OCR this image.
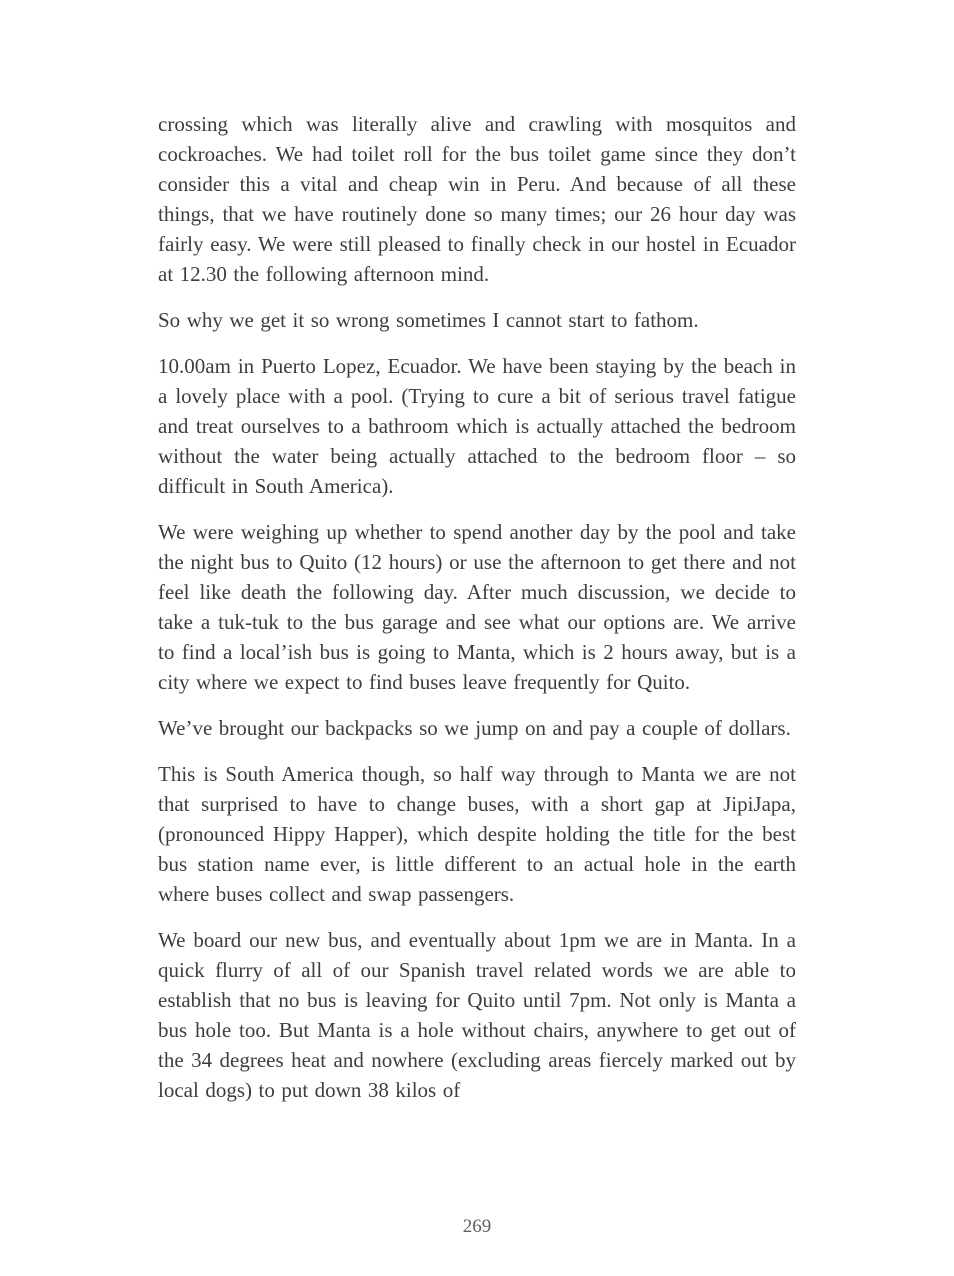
crossing which was literally alive and crawling with mosquitos and cockroaches. We had toilet roll for the bus toilet game since they don’t consider this a vital and cheap win in Peru. And because of all these things, that we have routinely done so many times; our 26 hour day was fairly easy. We were still pleased to finally check in our hostel in Ecuador at 12.30 the following afternoon mind.

So why we get it so wrong sometimes I cannot start to fathom.

10.00am in Puerto Lopez, Ecuador. We have been staying by the beach in a lovely place with a pool. (Trying to cure a bit of serious travel fatigue and treat ourselves to a bathroom which is actually attached the bedroom without the water being actually attached to the bedroom floor – so difficult in South America).

We were weighing up whether to spend another day by the pool and take the night bus to Quito (12 hours) or use the afternoon to get there and not feel like death the following day. After much discussion, we decide to take a tuk-tuk to the bus garage and see what our options are. We arrive to find a local’ish bus is going to Manta, which is 2 hours away, but is a city where we expect to find buses leave frequently for Quito.

We’ve brought our backpacks so we jump on and pay a couple of dollars.

This is South America though, so half way through to Manta we are not that surprised to have to change buses, with a short gap at JipiJapa, (pronounced Hippy Happer), which despite holding the title for the best bus station name ever, is little different to an actual hole in the earth where buses collect and swap passengers.

We board our new bus, and eventually about 1pm we are in Manta. In a quick flurry of all of our Spanish travel related words we are able to establish that no bus is leaving for Quito until 7pm. Not only is Manta a bus hole too. But Manta is a hole without chairs, anywhere to get out of the 34 degrees heat and nowhere (excluding areas fiercely marked out by local dogs) to put down 38 kilos of

269
